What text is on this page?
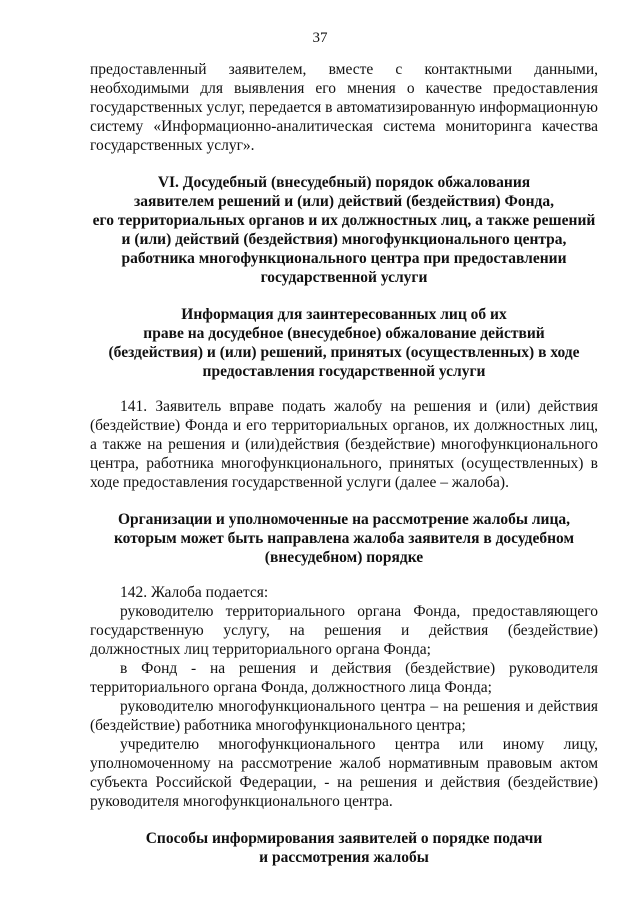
37

предоставленный заявителем, вместе с контактными данными, необходимыми для выявления его мнения о качестве предоставления государственных услуг, передается в автоматизированную информационную систему «Информационно-аналитическая система мониторинга качества государственных услуг».

VI. Досудебный (внесудебный) порядок обжалования
заявителем решений и (или) действий (бездействия) Фонда,
его территориальных органов и их должностных лиц, а также решений
и (или) действий (бездействия) многофункционального центра,
работника многофункционального центра при предоставлении
государственной услуги
Информация для заинтересованных лиц об их
праве на досудебное (внесудебное) обжалование действий
(бездействия) и (или) решений, принятых (осуществленных) в ходе
предоставления государственной услуги

141. Заявитель вправе подать жалобу на решения и (или) действия (бездействие) Фонда и его территориальных органов, их должностных лиц, а также на решения и (или)действия (бездействие) многофункционального центра, работника многофункционального, принятых (осуществленных) в ходе предоставления государственной услуги (далее – жалоба).

Организации и уполномоченные на рассмотрение жалобы лица,
которым может быть направлена жалоба заявителя в досудебном
(внесудебном) порядке

142. Жалоба подается:

руководителю территориального органа Фонда, предоставляющего государственную услугу, на решения и действия (бездействие) должностных лиц территориального органа Фонда;

в Фонд - на решения и действия (бездействие) руководителя территориального органа Фонда, должностного лица Фонда;

руководителю многофункционального центра – на решения и действия (бездействие) работника многофункционального центра;

учредителю многофункционального центра или иному лицу, уполномоченному на рассмотрение жалоб нормативным правовым актом субъекта Российской Федерации, - на решения и действия (бездействие) руководителя многофункционального центра.

Способы информирования заявителей о порядке подачи
и рассмотрения жалобы
